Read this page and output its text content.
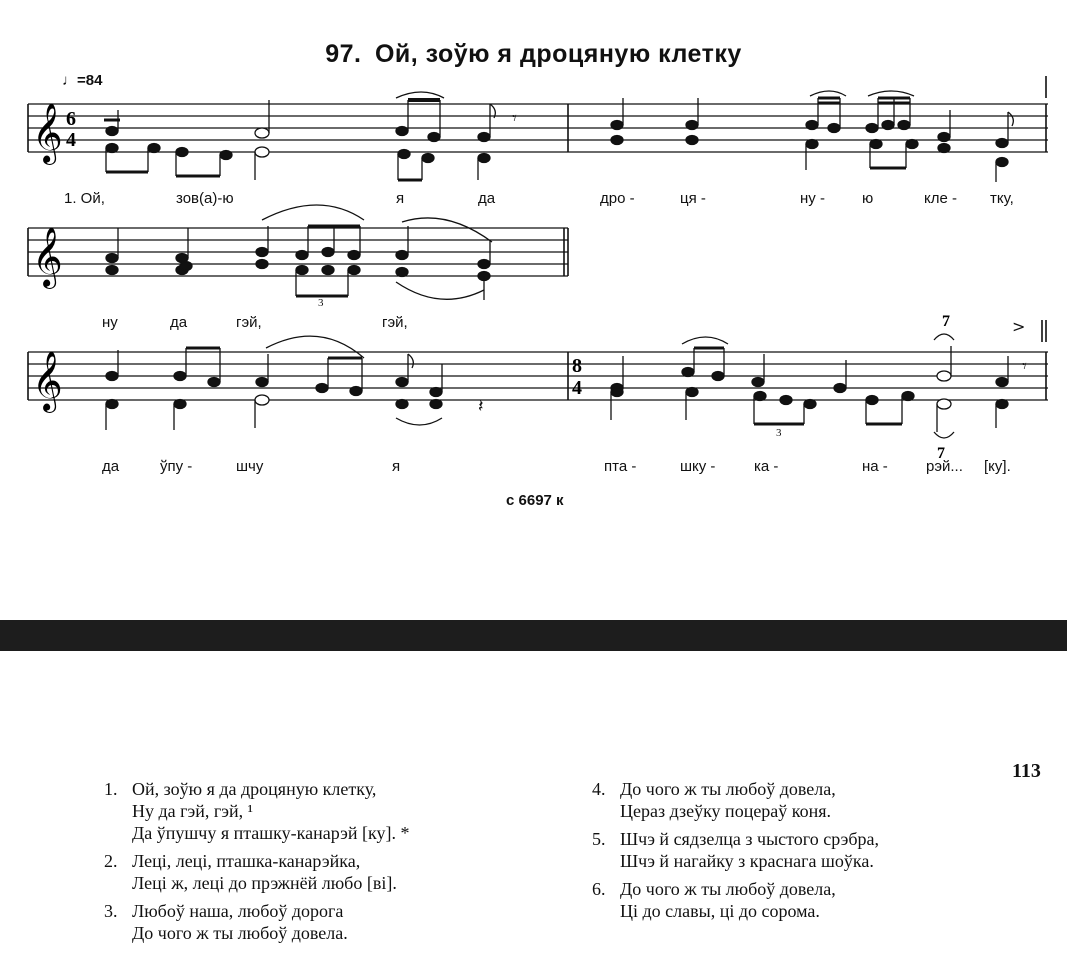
97. Ой, зоўю я дроцяную клетку
♩=84
𝄞 6
4
𝄾
𝄞
3
𝄞	8
4
7
7
𝄾
>
𝄽
3
1. Ой,	зов(а)-ю	я	да	дро -	ця -	ну - ю	кле - тку,
ну	да	гэй,	гэй,
да	ўпу -	шчу	я	пта -	шку -	ка -	на -	рэй... [ку].
с 6697 к
113
1. Ой, зоўю я да дроцяную клетку,
Ну да гэй, гэй, ¹
Да ўпушчу я пташку-канарэй [ку]. *
2. Леці, леці, пташка-канарэйка,
Леці ж, леці до прэжнёй любо [ві].
3. Любоў наша, любоў дорога
До чого ж ты любоў довела.
4. До чого ж ты любоў довела,
Цераз дзеўку поцераў коня.
5. Шчэ й сядзелца з чыстого срэбра,
Шчэ й нагайку з краснага шоўка.
6. До чого ж ты любоў довела,
Ці до славы, ці до сорома.
